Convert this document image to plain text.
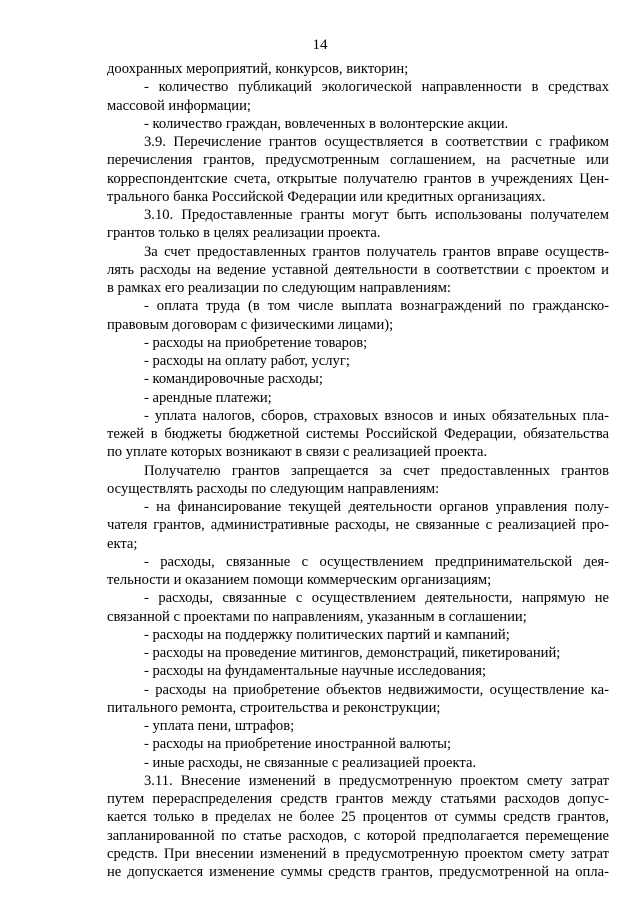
14
доохранных мероприятий, конкурсов, викторин;
- количество публикаций экологической направленности в средствах
массовой информации;
- количество граждан, вовлеченных в волонтерские акции.
3.9. Перечисление грантов осуществляется в соответствии с графиком
перечисления грантов, предусмотренным соглашением, на расчетные или
корреспондентские счета, открытые получателю грантов в учреждениях Цен-
трального банка Российской Федерации или кредитных организациях.
3.10. Предоставленные гранты могут быть использованы получателем
грантов только в целях реализации проекта.
За счет предоставленных грантов получатель грантов вправе осуществ-
лять расходы на ведение уставной деятельности в соответствии с проектом и
в рамках его реализации по следующим направлениям:
- оплата труда (в том числе выплата вознаграждений по гражданско-
правовым договорам с физическими лицами);
- расходы на приобретение товаров;
- расходы на оплату работ, услуг;
- командировочные расходы;
- арендные платежи;
- уплата налогов, сборов, страховых взносов и иных обязательных пла-
тежей в бюджеты бюджетной системы Российской Федерации, обязательства
по уплате которых возникают в связи с реализацией проекта.
Получателю грантов запрещается за счет предоставленных грантов
осуществлять расходы по следующим направлениям:
- на финансирование текущей деятельности органов управления полу-
чателя грантов, административные расходы, не связанные с реализацией про-
екта;
- расходы, связанные с осуществлением предпринимательской дея-
тельности и оказанием помощи коммерческим организациям;
- расходы, связанные с осуществлением деятельности, напрямую не
связанной с проектами по направлениям, указанным в соглашении;
- расходы на поддержку политических партий и кампаний;
- расходы на проведение митингов, демонстраций, пикетирований;
- расходы на фундаментальные научные исследования;
- расходы на приобретение объектов недвижимости, осуществление ка-
питального ремонта, строительства и реконструкции;
- уплата пени, штрафов;
- расходы на приобретение иностранной валюты;
- иные расходы, не связанные с реализацией проекта.
3.11. Внесение изменений в предусмотренную проектом смету затрат
путем перераспределения средств грантов между статьями расходов допус-
кается только в пределах не более 25 процентов от суммы средств грантов,
запланированной по статье расходов, с которой предполагается перемещение
средств. При внесении изменений в предусмотренную проектом смету затрат
не допускается изменение суммы средств грантов, предусмотренной на опла-
